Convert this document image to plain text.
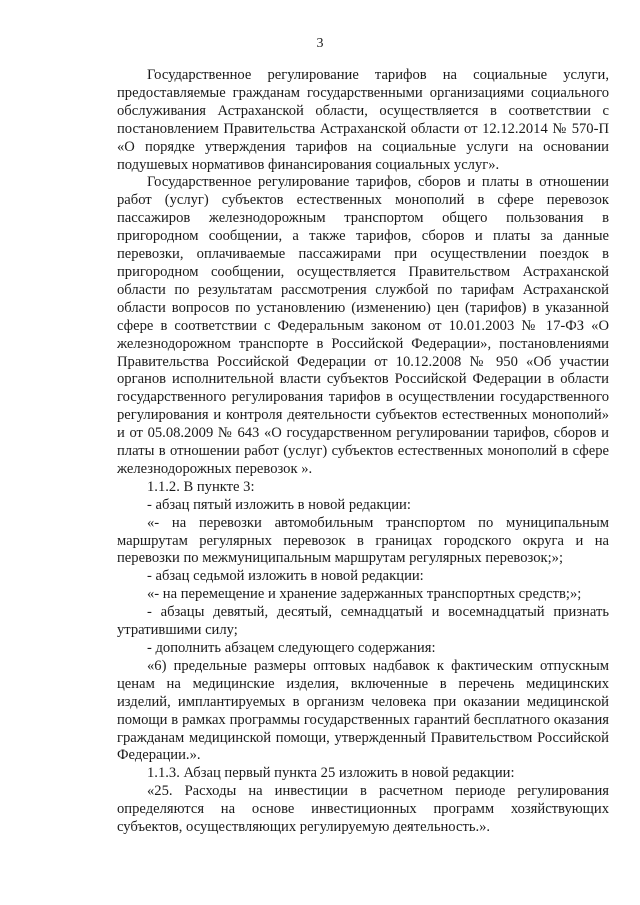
3

Государственное регулирование тарифов на социальные услуги, предоставляемые гражданам государственными организациями социального обслуживания Астраханской области, осуществляется в соответствии с постановлением Правительства Астраханской области от 12.12.2014 № 570-П «О порядке утверждения тарифов на социальные услуги на основании подушевых нормативов финансирования социальных услуг».

Государственное регулирование тарифов, сборов и платы в отношении работ (услуг) субъектов естественных монополий в сфере перевозок пассажиров железнодорожным транспортом общего пользования в пригородном сообщении, а также тарифов, сборов и платы за данные перевозки, оплачиваемые пассажирами при осуществлении поездок в пригородном сообщении, осуществляется Правительством Астраханской области по результатам рассмотрения службой по тарифам Астраханской области вопросов по установлению (изменению) цен (тарифов) в указанной сфере в соответствии с Федеральным законом от 10.01.2003 № 17-ФЗ «О железнодорожном транспорте в Российской Федерации», постановлениями Правительства Российской Федерации от 10.12.2008 № 950 «Об участии органов исполнительной власти субъектов Российской Федерации в области государственного регулирования тарифов в осуществлении государственного регулирования и контроля деятельности субъектов естественных монополий» и от 05.08.2009 № 643 «О государственном регулировании тарифов, сборов и платы в отношении работ (услуг) субъектов естественных монополий в сфере железнодорожных перевозок ».

1.1.2. В пункте 3:

- абзац пятый изложить в новой редакции:

«- на перевозки автомобильным транспортом по муниципальным маршрутам регулярных перевозок в границах городского округа и на перевозки по межмуниципальным маршрутам регулярных перевозок;»;

- абзац седьмой изложить в новой редакции:

«- на перемещение и хранение задержанных транспортных средств;»;

- абзацы девятый, десятый, семнадцатый и восемнадцатый признать утратившими силу;

- дополнить абзацем следующего содержания:

«6) предельные размеры оптовых надбавок к фактическим отпускным ценам на медицинские изделия, включенные в перечень медицинских изделий, имплантируемых в организм человека при оказании медицинской помощи в рамках программы государственных гарантий бесплатного оказания гражданам медицинской помощи, утвержденный Правительством Российской Федерации.».

1.1.3. Абзац первый пункта 25 изложить в новой редакции:

«25. Расходы на инвестиции в расчетном периоде регулирования определяются на основе инвестиционных программ хозяйствующих субъектов, осуществляющих регулируемую деятельность.».
